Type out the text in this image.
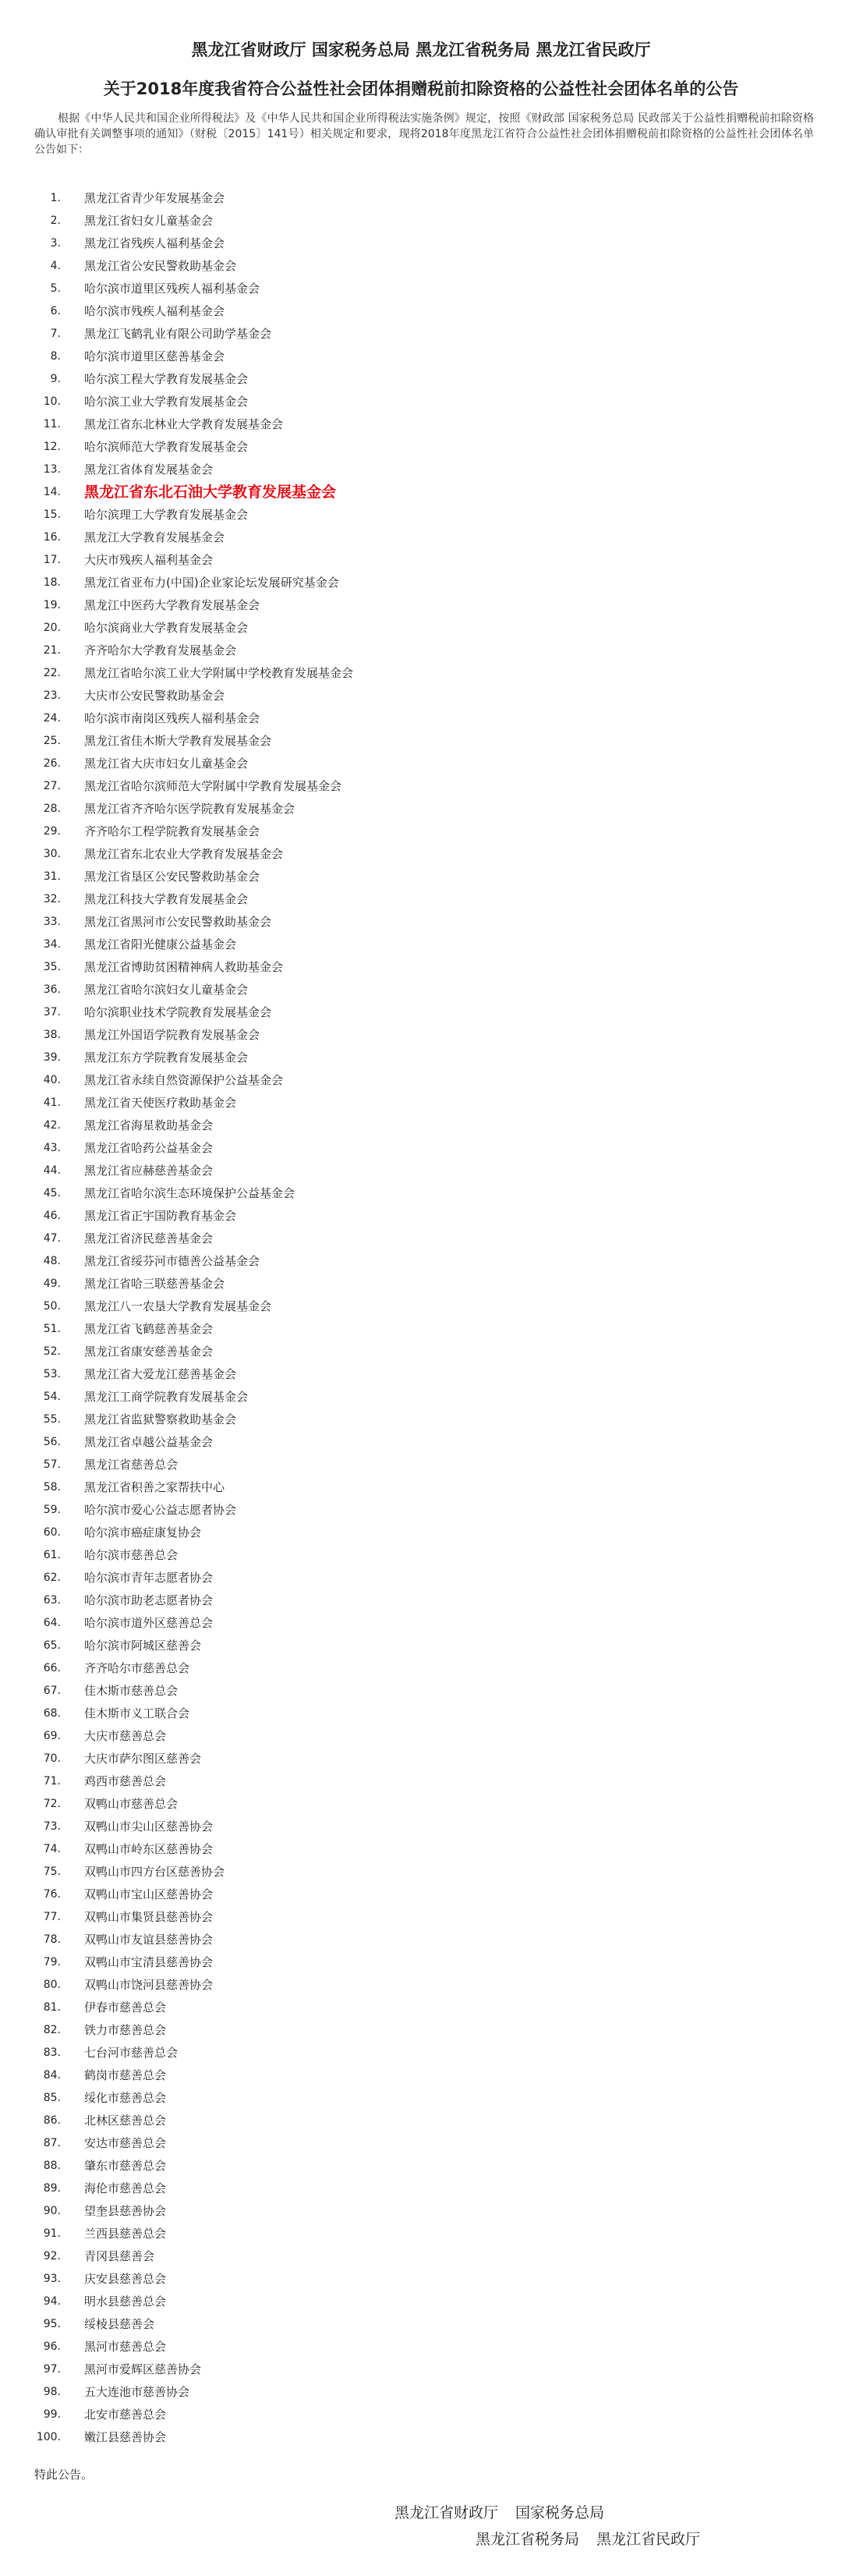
黑龙江省财政厅 国家税务总局 黑龙江省税务局 黑龙江省民政厅
关于2018年度我省符合公益性社会团体捐赠税前扣除资格的公益性社会团体名单的公告
根据《中华人民共和国企业所得税法》及《中华人民共和国企业所得税法实施条例》规定，按照《财政部 国家税务总局 民政部关于公益性捐赠税前扣除资格确认审批有关调整事项的通知》（财税〔2015〕141号）相关规定和要求，现将2018年度黑龙江省符合公益性社会团体捐赠税前扣除资格的公益性社会团体名单公告如下：
1. 黑龙江省青少年发展基金会
2. 黑龙江省妇女儿童基金会
3. 黑龙江省残疾人福利基金会
4. 黑龙江省公安民警救助基金会
5. 哈尔滨市道里区残疾人福利基金会
6. 哈尔滨市残疾人福利基金会
7. 黑龙江飞鹤乳业有限公司助学基金会
8. 哈尔滨市道里区慈善基金会
9. 哈尔滨工程大学教育发展基金会
10. 哈尔滨工业大学教育发展基金会
11. 黑龙江省东北林业大学教育发展基金会
12. 哈尔滨师范大学教育发展基金会
13. 黑龙江省体育发展基金会
14. 黑龙江省东北石油大学教育发展基金会
15. 哈尔滨理工大学教育发展基金会
16. 黑龙江大学教育发展基金会
17. 大庆市残疾人福利基金会
18. 黑龙江省亚布力(中国)企业家论坛发展研究基金会
19. 黑龙江中医药大学教育发展基金会
20. 哈尔滨商业大学教育发展基金会
21. 齐齐哈尔大学教育发展基金会
22. 黑龙江省哈尔滨工业大学附属中学校教育发展基金会
23. 大庆市公安民警救助基金会
24. 哈尔滨市南岗区残疾人福利基金会
25. 黑龙江省佳木斯大学教育发展基金会
26. 黑龙江省大庆市妇女儿童基金会
27. 黑龙江省哈尔滨师范大学附属中学教育发展基金会
28. 黑龙江省齐齐哈尔医学院教育发展基金会
29. 齐齐哈尔工程学院教育发展基金会
30. 黑龙江省东北农业大学教育发展基金会
31. 黑龙江省垦区公安民警救助基金会
32. 黑龙江科技大学教育发展基金会
33. 黑龙江省黑河市公安民警救助基金会
34. 黑龙江省阳光健康公益基金会
35. 黑龙江省博助贫困精神病人救助基金会
36. 黑龙江省哈尔滨妇女儿童基金会
37. 哈尔滨职业技术学院教育发展基金会
38. 黑龙江外国语学院教育发展基金会
39. 黑龙江东方学院教育发展基金会
40. 黑龙江省永续自然资源保护公益基金会
41. 黑龙江省天使医疗救助基金会
42. 黑龙江省海星救助基金会
43. 黑龙江省哈药公益基金会
44. 黑龙江省应赫慈善基金会
45. 黑龙江省哈尔滨生态环境保护公益基金会
46. 黑龙江省正宇国防教育基金会
47. 黑龙江省济民慈善基金会
48. 黑龙江省绥芬河市德善公益基金会
49. 黑龙江省哈三联慈善基金会
50. 黑龙江八一农垦大学教育发展基金会
51. 黑龙江省飞鹤慈善基金会
52. 黑龙江省康安慈善基金会
53. 黑龙江省大爱龙江慈善基金会
54. 黑龙江工商学院教育发展基金会
55. 黑龙江省监狱警察救助基金会
56. 黑龙江省卓越公益基金会
57. 黑龙江省慈善总会
58. 黑龙江省积善之家帮扶中心
59. 哈尔滨市爱心公益志愿者协会
60. 哈尔滨市癌症康复协会
61. 哈尔滨市慈善总会
62. 哈尔滨市青年志愿者协会
63. 哈尔滨市助老志愿者协会
64. 哈尔滨市道外区慈善总会
65. 哈尔滨市阿城区慈善会
66. 齐齐哈尔市慈善总会
67. 佳木斯市慈善总会
68. 佳木斯市义工联合会
69. 大庆市慈善总会
70. 大庆市萨尔图区慈善会
71. 鸡西市慈善总会
72. 双鸭山市慈善总会
73. 双鸭山市尖山区慈善协会
74. 双鸭山市岭东区慈善协会
75. 双鸭山市四方台区慈善协会
76. 双鸭山市宝山区慈善协会
77. 双鸭山市集贤县慈善协会
78. 双鸭山市友谊县慈善协会
79. 双鸭山市宝清县慈善协会
80. 双鸭山市饶河县慈善协会
81. 伊春市慈善总会
82. 铁力市慈善总会
83. 七台河市慈善总会
84. 鹤岗市慈善总会
85. 绥化市慈善总会
86. 北林区慈善总会
87. 安达市慈善总会
88. 肇东市慈善总会
89. 海伦市慈善总会
90. 望奎县慈善协会
91. 兰西县慈善总会
92. 青冈县慈善会
93. 庆安县慈善总会
94. 明水县慈善总会
95. 绥棱县慈善会
96. 黑河市慈善总会
97. 黑河市爱辉区慈善协会
98. 五大连池市慈善协会
99. 北安市慈善总会
100. 嫩江县慈善协会
特此公告。
黑龙江省财政厅 国家税务总局
黑龙江省税务局 黑龙江省民政厅
